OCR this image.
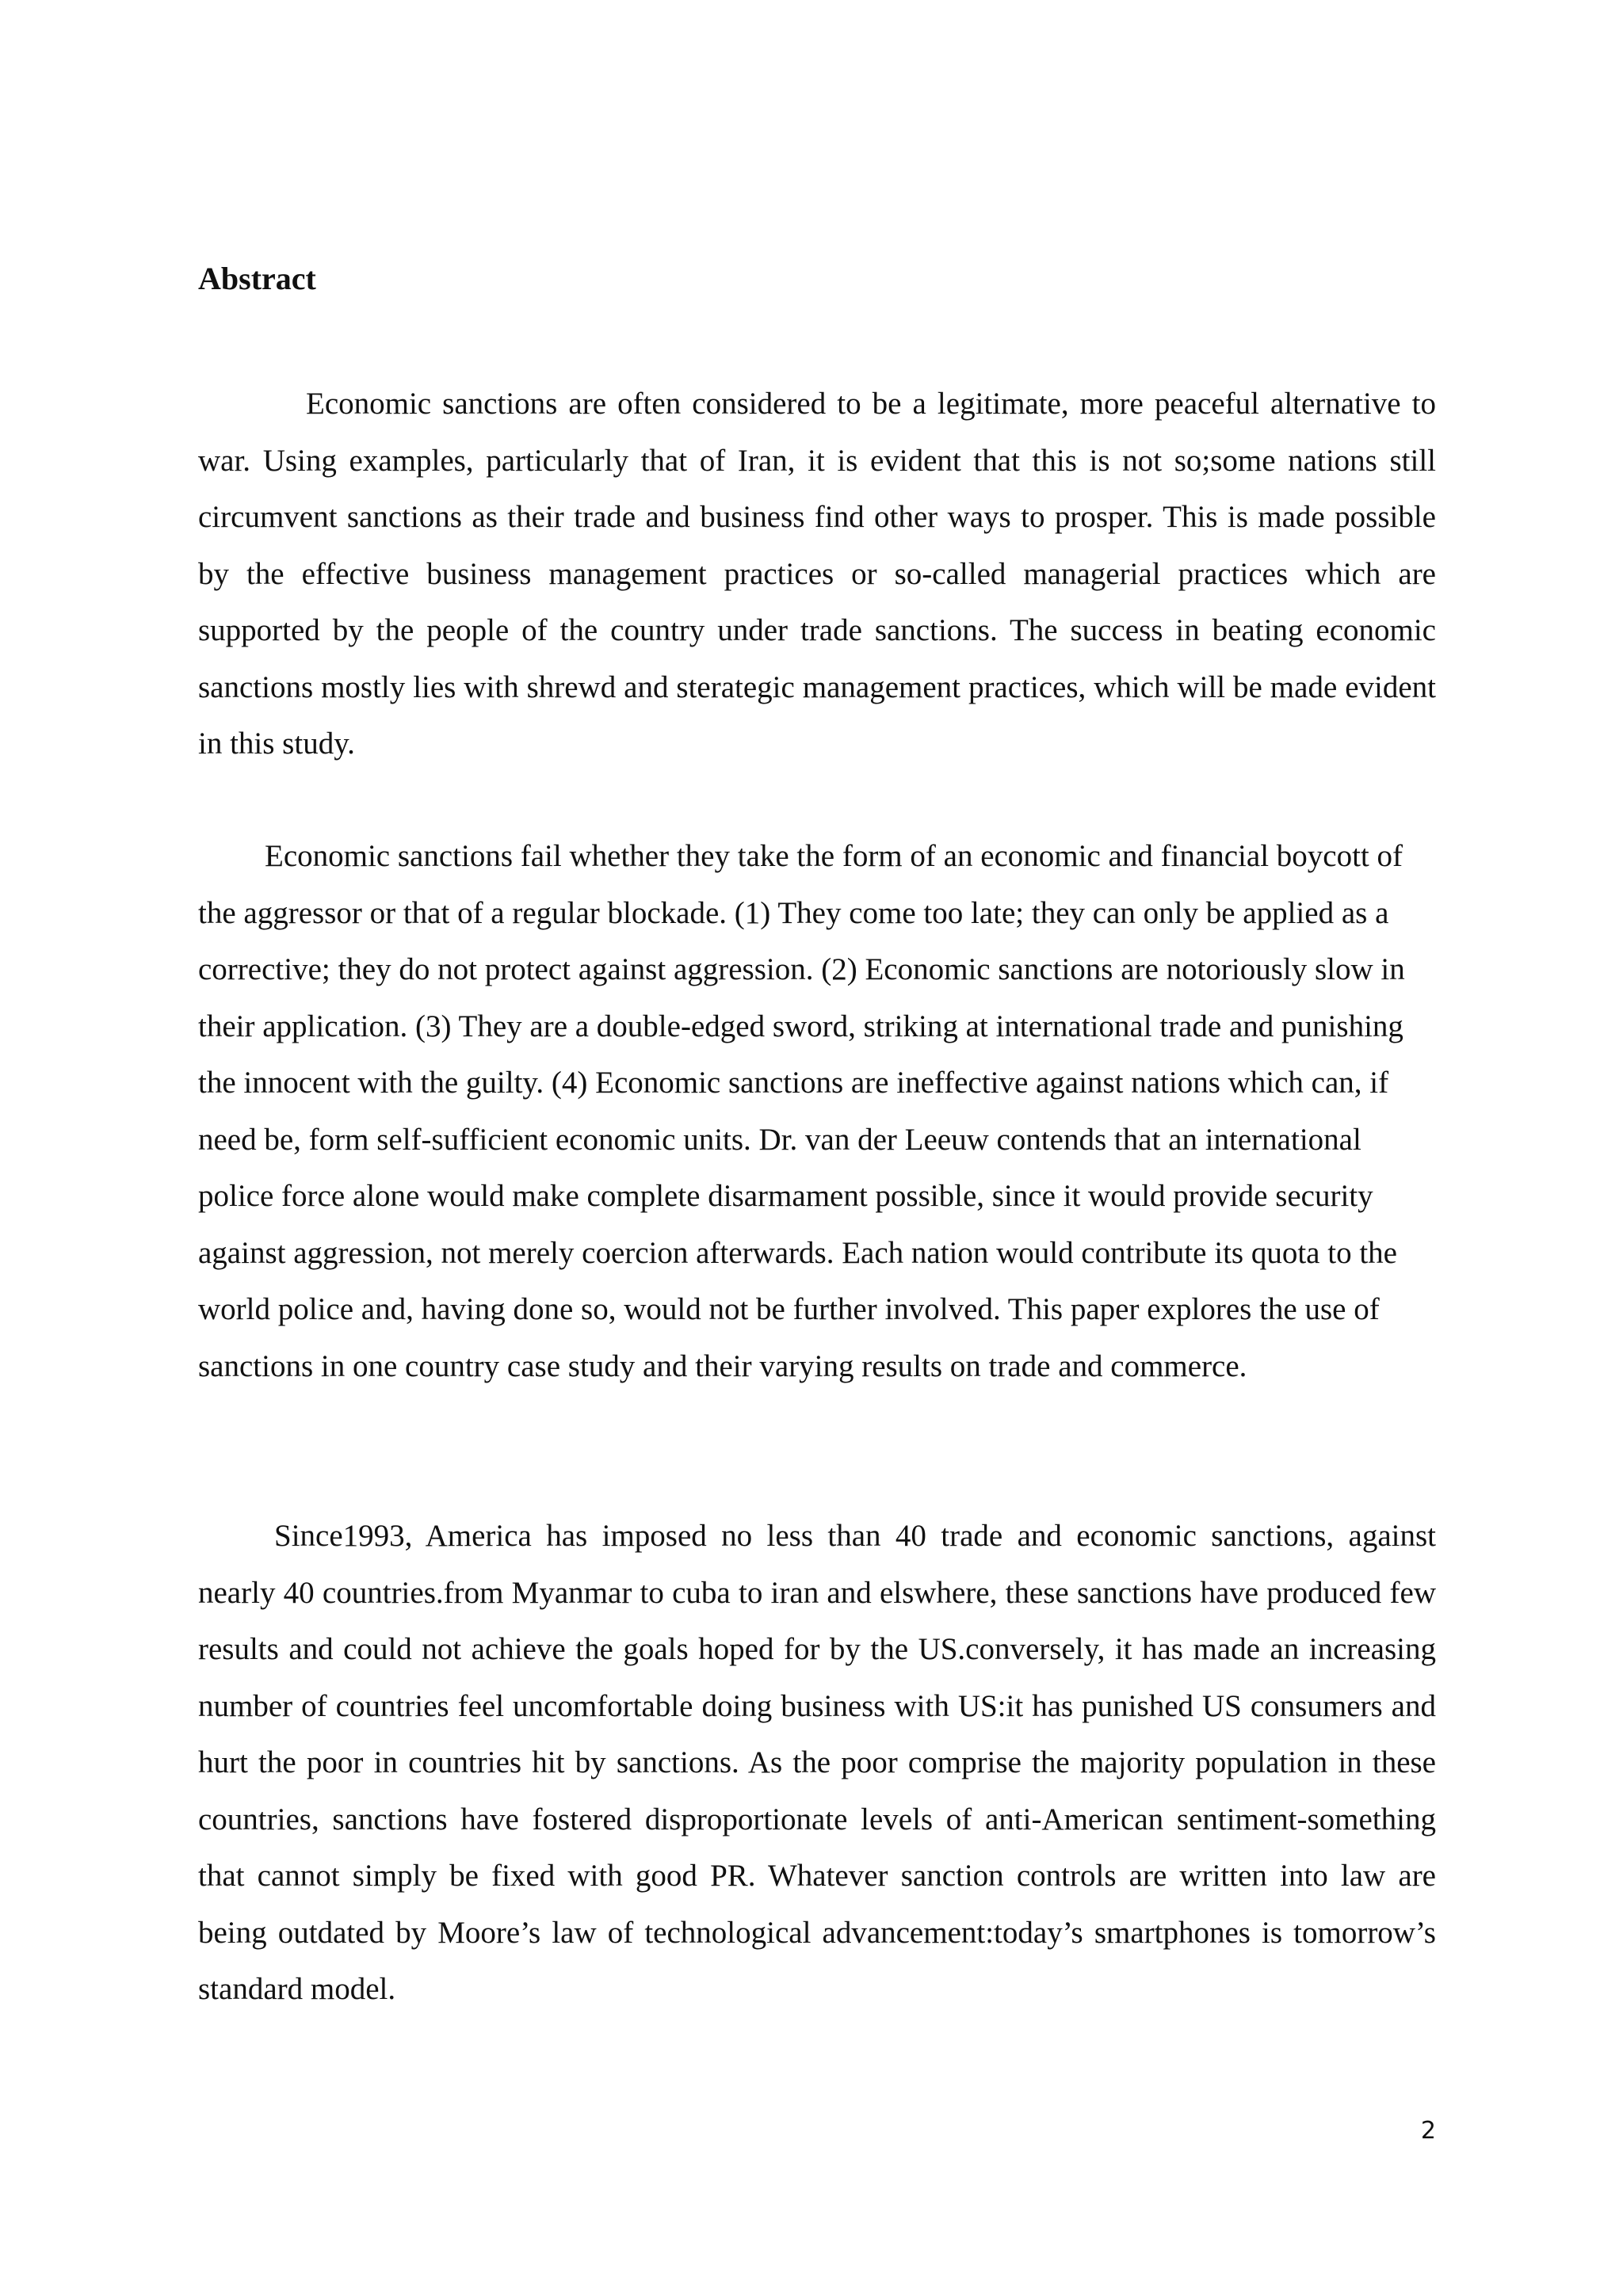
Abstract

Economic sanctions are often considered to be a legitimate, more peaceful alternative to war. Using examples, particularly that of Iran, it is evident that this is not so;some nations still circumvent sanctions as their trade and business find other ways to prosper. This is made possible by the effective business management practices or so-called managerial practices which are supported by the people of the country under trade sanctions. The success in beating economic sanctions mostly lies with shrewd and sterategic management practices, which will be made evident in this study.

Economic sanctions fail whether they take the form of an economic and financial boycott of the aggressor or that of a regular blockade. (1) They come too late; they can only be applied as a corrective; they do not protect against aggression. (2) Economic sanctions are notoriously slow in their application. (3) They are a double-edged sword, striking at international trade and punishing the innocent with the guilty. (4) Economic sanctions are ineffective against nations which can, if need be, form self-sufficient economic units. Dr. van der Leeuw contends that an international police force alone would make complete disarmament possible, since it would provide security against aggression, not merely coercion afterwards. Each nation would contribute its quota to the world police and, having done so, would not be further involved. This paper explores the use of sanctions in one country case study and their varying results on trade and commerce.

Since1993, America has imposed no less than 40 trade and economic sanctions, against nearly 40 countries.from Myanmar to cuba to iran and elswhere, these sanctions have produced few results and could not achieve the goals hoped for by the US.conversely, it has made an increasing number of countries feel uncomfortable doing business with US:it has punished US consumers and hurt the poor in countries hit by sanctions. As the poor comprise the majority population in these countries, sanctions have fostered disproportionate levels of anti-American sentiment-something that cannot simply be fixed with good PR. Whatever sanction controls are written into law are being outdated by Moore’s law of technological advancement:today’s smartphones is tomorrow’s standard model.

2
